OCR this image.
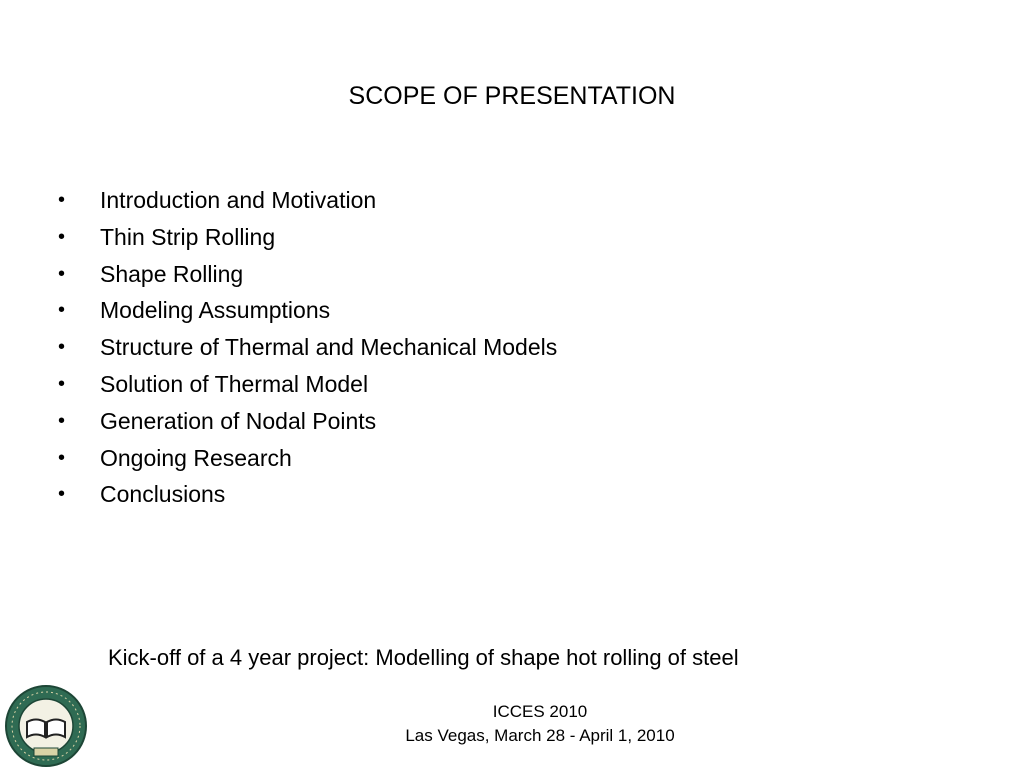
SCOPE OF PRESENTATION
•	Introduction and Motivation
•	Thin Strip Rolling
•	Shape Rolling
•	Modeling Assumptions
•	Structure of Thermal and Mechanical Models
•	Solution of Thermal Model
•	Generation of Nodal Points
•	Ongoing Research
•	Conclusions
Kick-off of a 4 year project: Modelling of shape hot rolling of steel
ICCES 2010
Las Vegas, March 28 - April 1, 2010
